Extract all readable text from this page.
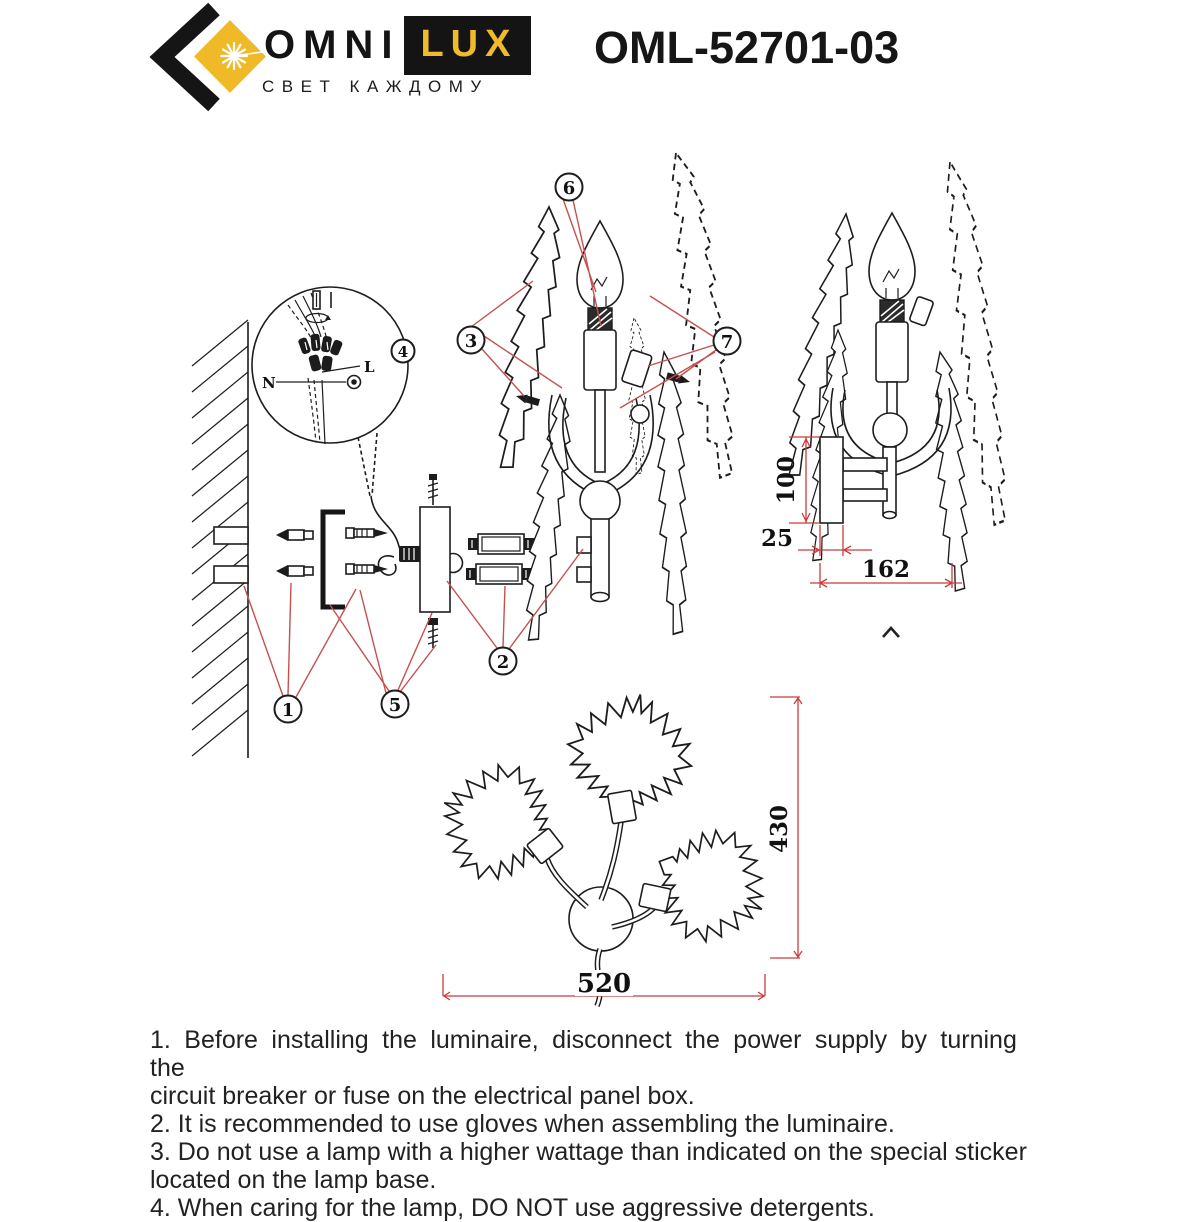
OMNI LUX
СВЕТ КАЖДОМУ
OML-52701-03
N
L
4
1	5
2
3
6
7
100
25
162
430
520

1. Before installing the luminaire, disconnect the power supply by turning the

circuit breaker or fuse on the electrical panel box.

2. It is recommended to use gloves when assembling the luminaire.

3. Do not use a lamp with a higher wattage than indicated on the special sticker

located on the lamp base.

4. When caring for the lamp, DO NOT use aggressive detergents.
